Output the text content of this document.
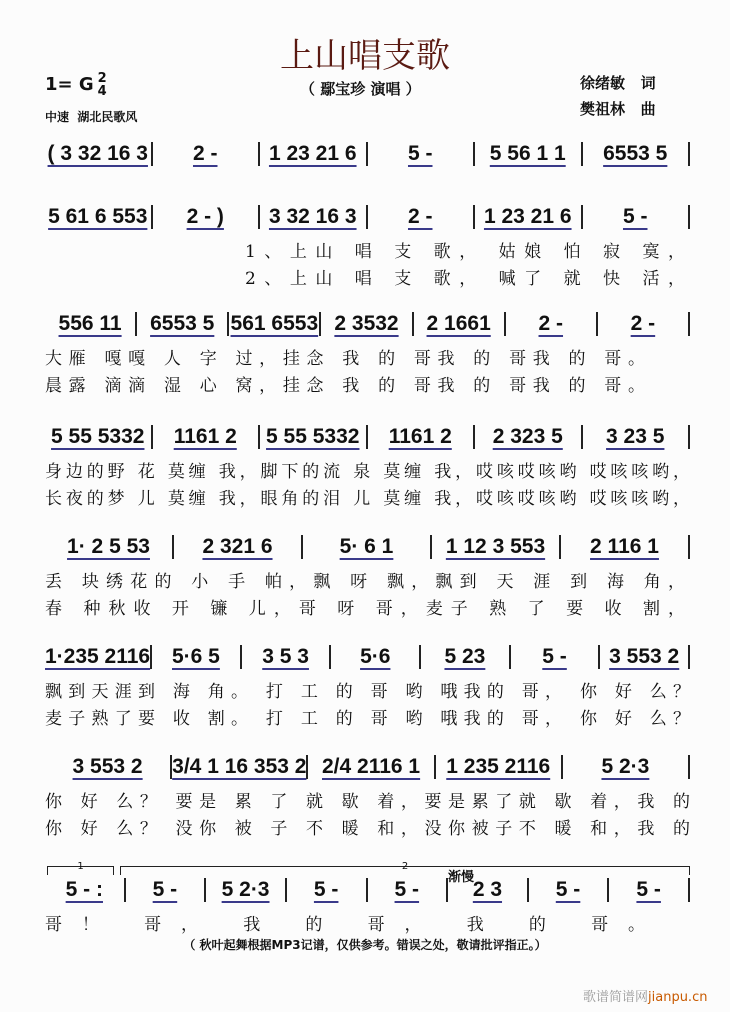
上山唱支歌
1= G 2
4
中速  湖北民歌风
（ 鄢宝珍 演唱 ）	徐绪敏   词
樊祖林   曲
( 3 32 16 3	2 -	1 23 21 6	5 -	5 56 1 1	6553 5
5 61 6 553	2 - )	3 32 16 3	2 -	1 23 21 6	5 -
1、上山 唱 支 歌， 姑娘 怕 寂 寞，
2、上山 唱 支 歌， 喊了 就 快 活，
556 11	6553 5 561 6553 2 3532	2 1661	2 -	2 -
大雁 嘎嘎 人 字 过，挂念 我 的 哥我 的 哥我 的 哥。
晨露 滴滴 湿 心 窝，挂念 我 的 哥我 的 哥我 的 哥。
5 55 5332	1161 2	5 55 5332	1161 2	2 323 5	3 23 5
身边的野 花 莫缠 我，脚下的流 泉 莫缠 我，哎咳哎咳哟 哎咳咳哟，
长夜的梦 儿 莫缠 我，眼角的泪 儿 莫缠 我，哎咳哎咳哟 哎咳咳哟，
1· 2 5 53	2 321 6	5· 6 1	1 12 3 553	2 116 1
丢 块绣花的 小 手 帕，飘 呀 飘，飘到 天 涯 到 海 角，
春 种秋收 开 镰 儿，哥 呀 哥，麦子 熟 了 要 收 割，
1·235 2116	5·6 5	3 5 3	5·6	5 23	5 -	3 553 2
飘到天涯到 海 角。 打 工 的 哥 哟 哦我的 哥， 你 好 么？
麦子熟了要 收 割。 打 工 的 哥 哟 哦我的 哥， 你 好 么？
3 553 2	3/4 1 16 353 2 2/4 2116 1	1 235 2116	5 2·3
你 好 么？ 要是 累 了 就 歇 着，要是累了就 歇 着，我 的
你 好 么？ 没你 被 子 不 暖 和，没你被子不 暖 和，我 的
5 - :	5 -	5 2·3	5 -	5 -	2 3	5 -	5 -
哥！ 哥， 我 的 哥， 我 的 哥。
1	2
渐慢
（ 秋叶起舞根据MP3记谱，仅供参考。错误之处，敬请批评指正。）
歌谱简谱网jianpu.cn
